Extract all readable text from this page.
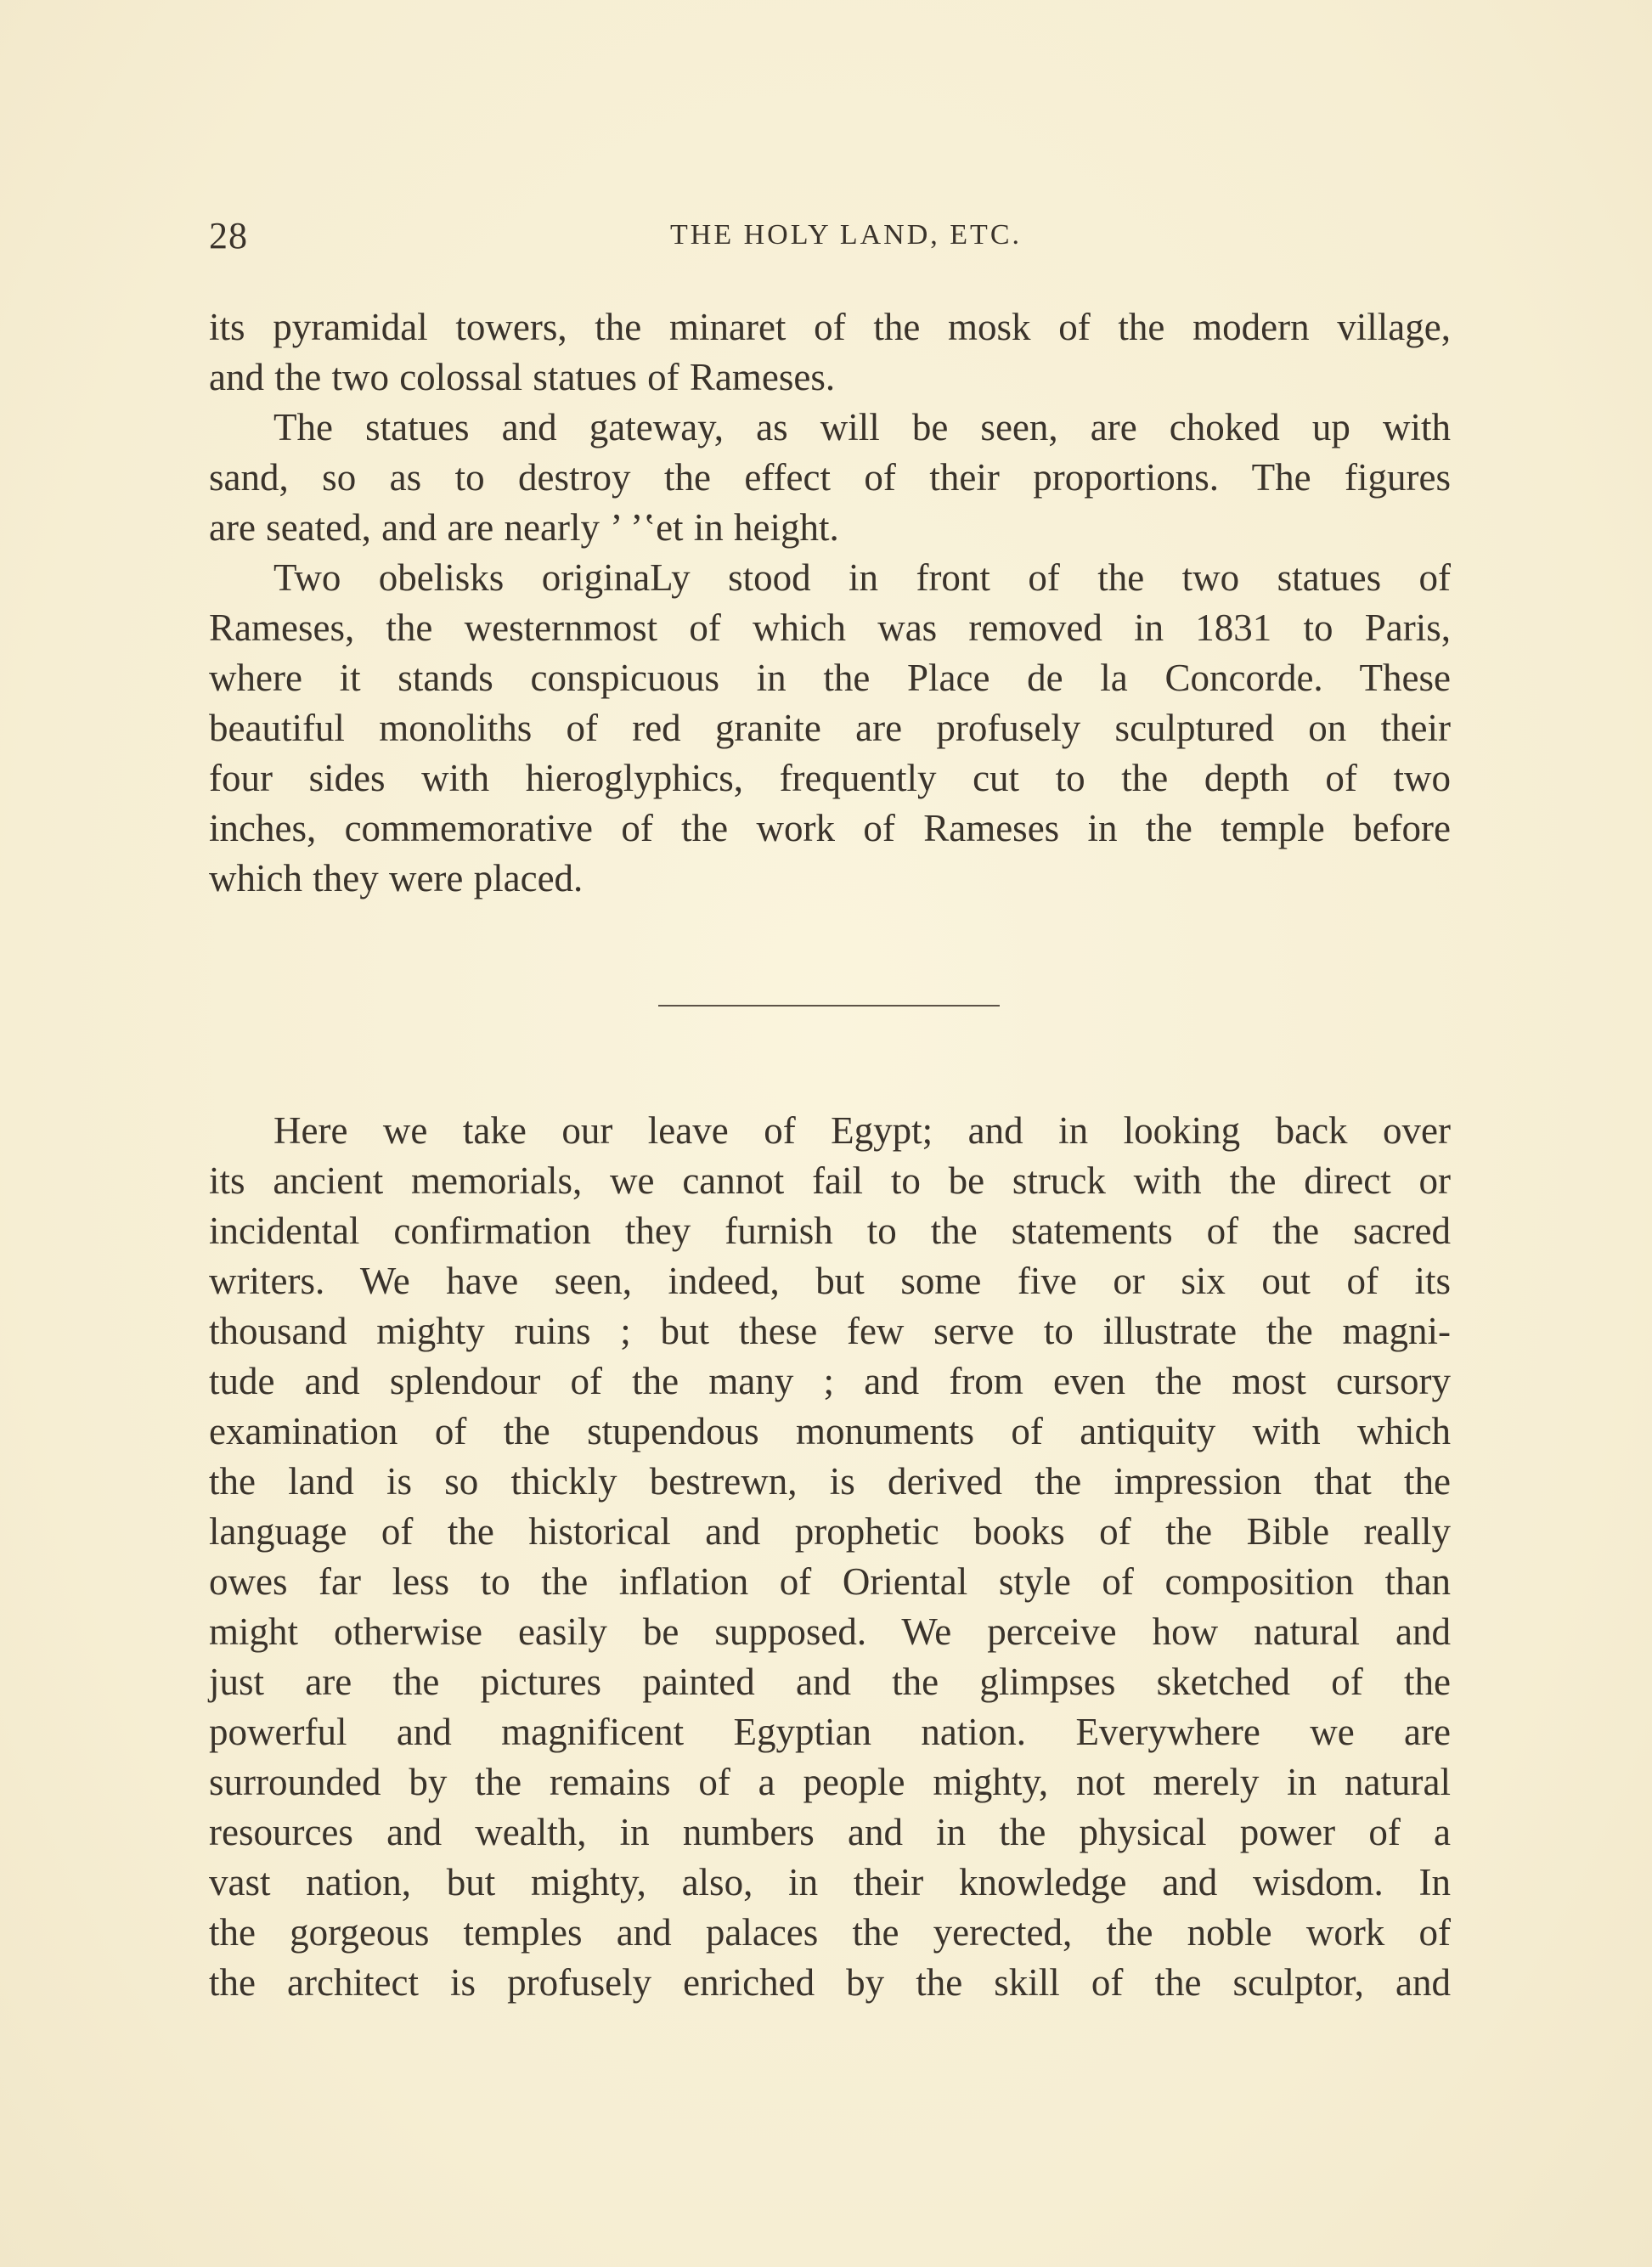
28	THE HOLY LAND, ETC.
its pyramidal towers, the minaret of the mosk of the modern village,
and the two colossal statues of Rameses.
The statues and gateway, as will be seen, are choked up with
sand, so as to destroy the effect of their proportions. The figures
are seated, and are nearly ’ ’ʽet in height.
Two obelisks originaLy stood in front of the two statues of
Rameses, the westernmost of which was removed in 1831 to Paris,
where it stands conspicuous in the Place de la Concorde. These
beautiful monoliths of red granite are profusely sculptured on their
four sides with hieroglyphics, frequently cut to the depth of two
inches, commemorative of the work of Rameses in the temple before
which they were placed.
Here we take our leave of Egypt; and in looking back over
its ancient memorials, we cannot fail to be struck with the direct or
incidental confirmation they furnish to the statements of the sacred
writers. We have seen, indeed, but some five or six out of its
thousand mighty ruins ; but these few serve to illustrate the magni-
tude and splendour of the many ; and from even the most cursory
examination of the stupendous monuments of antiquity with which
the land is so thickly bestrewn, is derived the impression that the
language of the historical and prophetic books of the Bible really
owes far less to the inflation of Oriental style of composition than
might otherwise easily be supposed. We perceive how natural and
just are the pictures painted and the glimpses sketched of the
powerful and magnificent Egyptian nation. Everywhere we are
surrounded by the remains of a people mighty, not merely in natural
resources and wealth, in numbers and in the physical power of a
vast nation, but mighty, also, in their knowledge and wisdom. In
the gorgeous temples and palaces the yerected, the noble work of
the architect is profusely enriched by the skill of the sculptor, and
